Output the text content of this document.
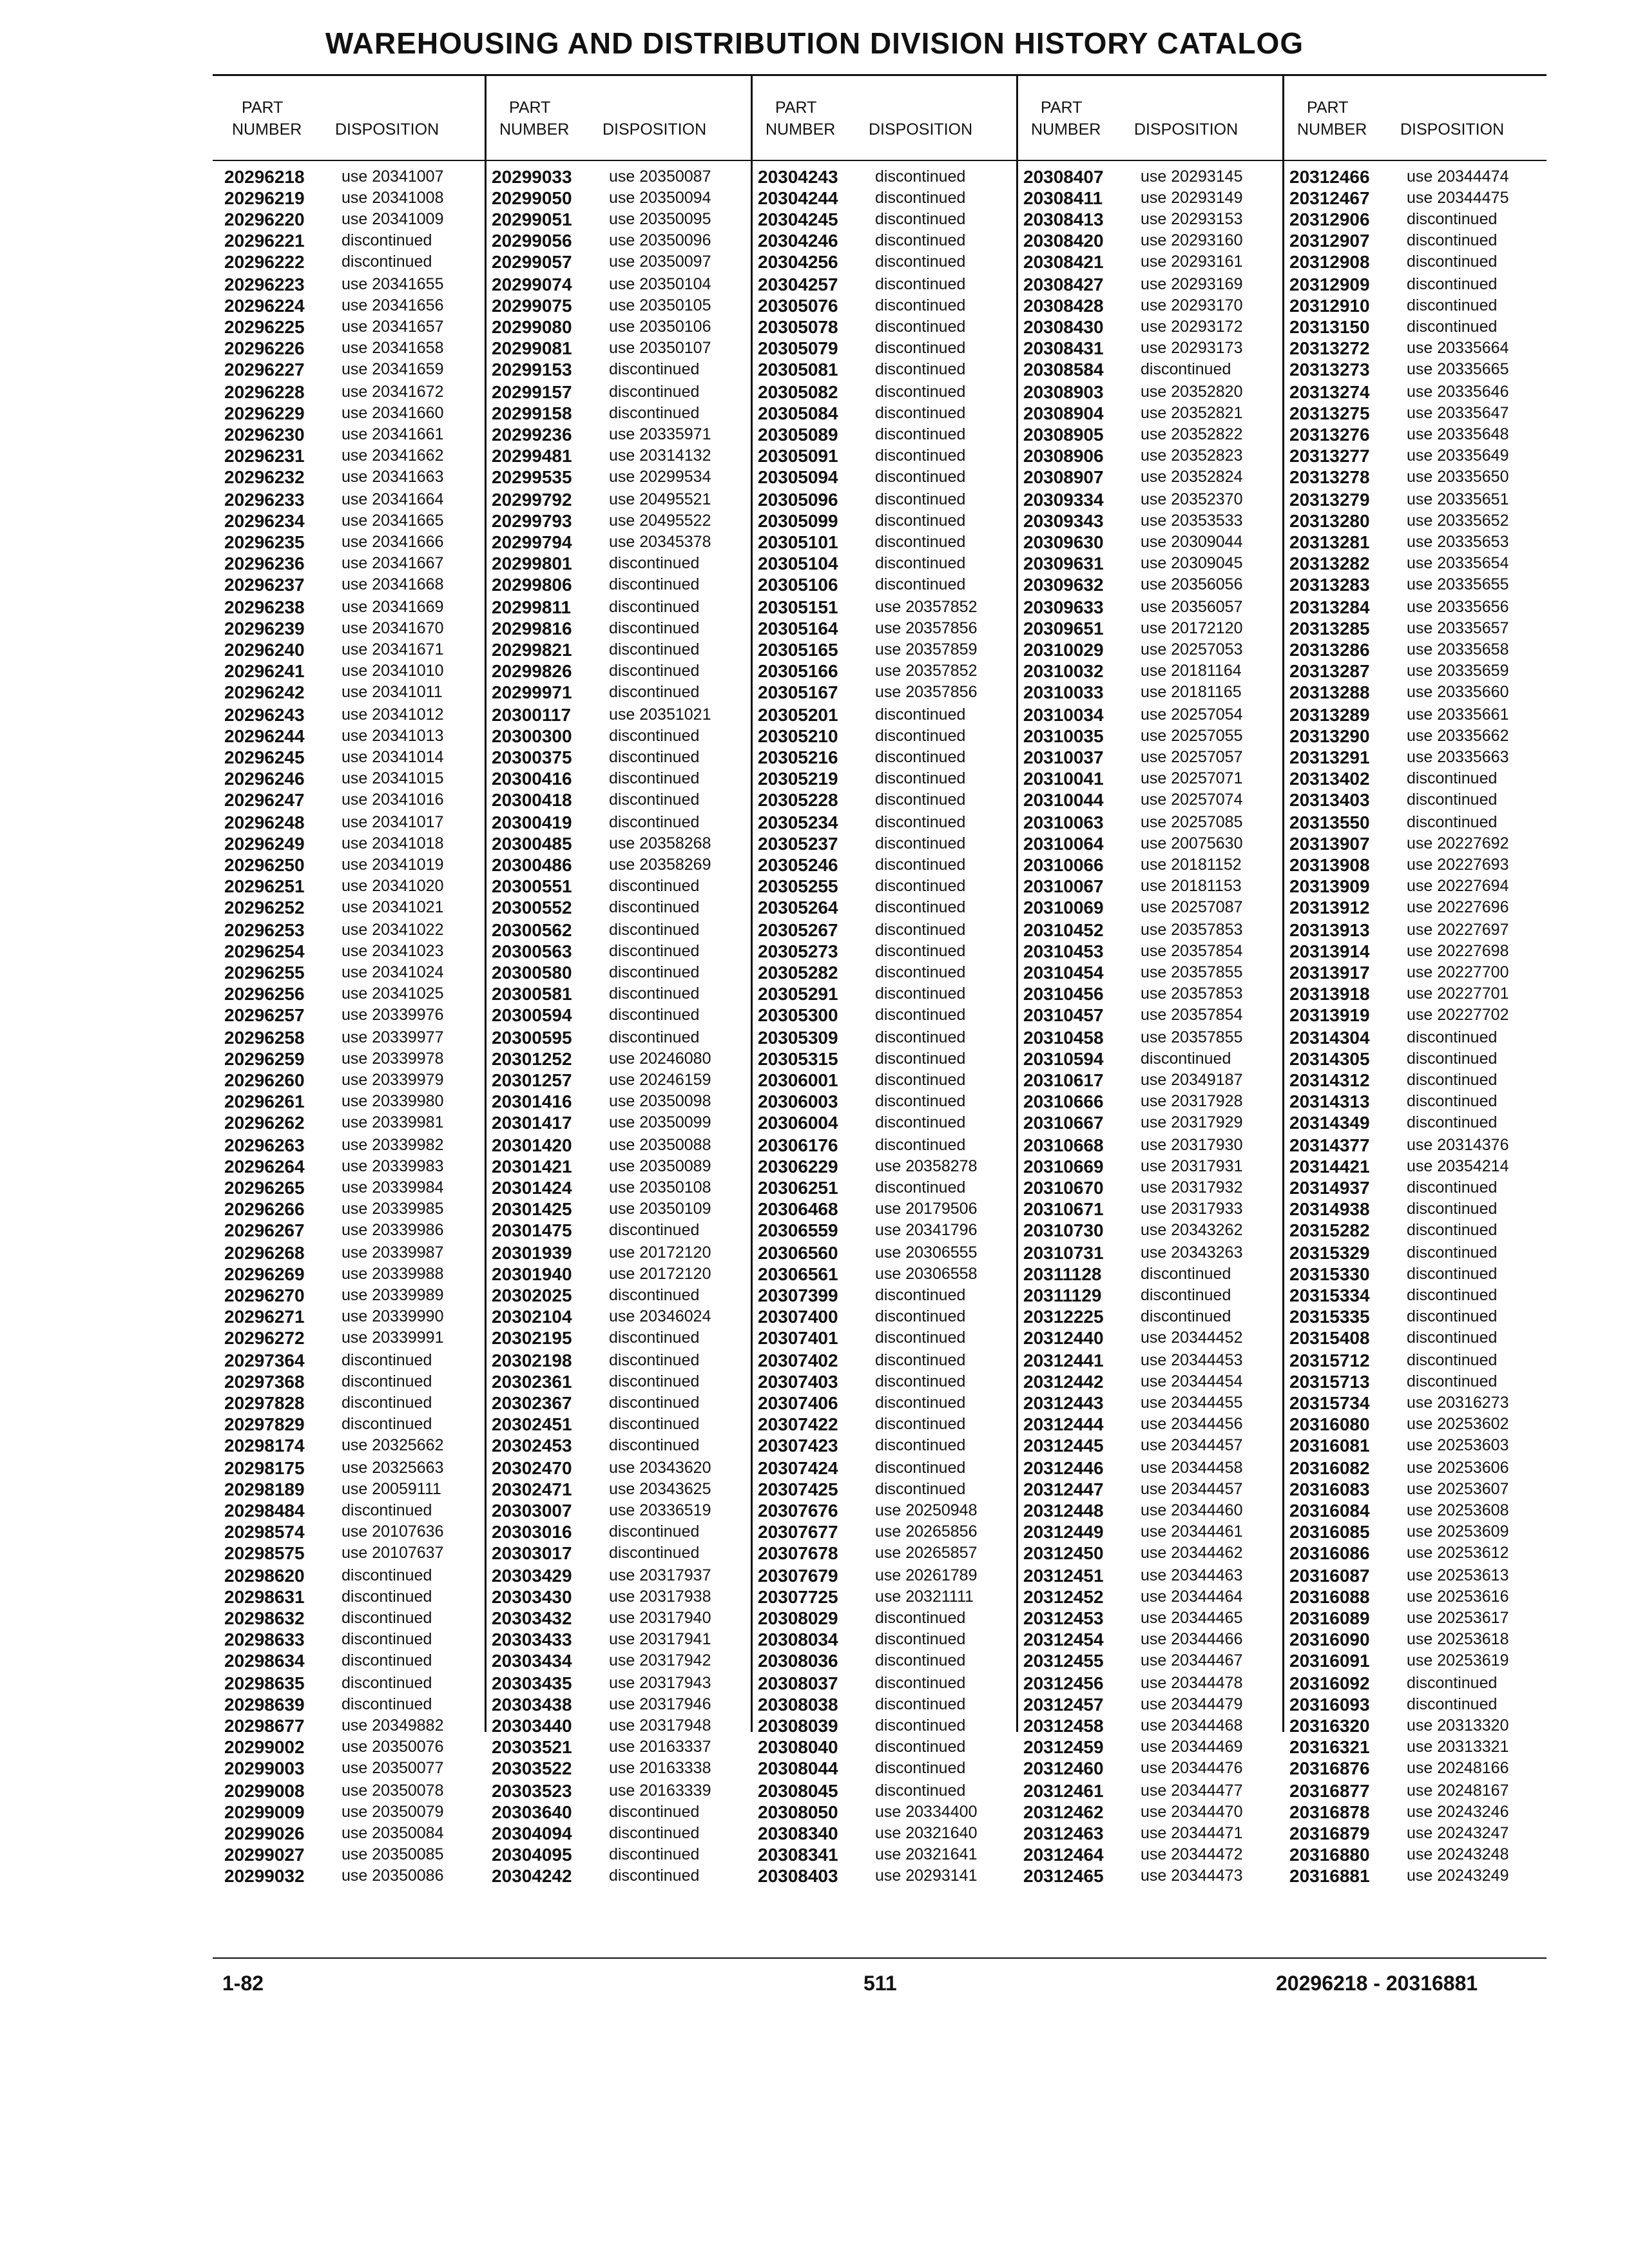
WAREHOUSING AND DISTRIBUTION DIVISION HISTORY CATALOG
PART
NUMBER DISPOSITION
20296218 use 20341007
20296219 use 20341008
20296220 use 20341009
20296221 discontinued
20296222 discontinued
20296223 use 20341655
20296224 use 20341656
20296225 use 20341657
20296226 use 20341658
20296227 use 20341659
20296228 use 20341672
20296229 use 20341660
20296230 use 20341661
20296231 use 20341662
20296232 use 20341663
20296233 use 20341664
20296234 use 20341665
20296235 use 20341666
20296236 use 20341667
20296237 use 20341668
20296238 use 20341669
20296239 use 20341670
20296240 use 20341671
20296241 use 20341010
20296242 use 20341011
20296243 use 20341012
20296244 use 20341013
20296245 use 20341014
20296246 use 20341015
20296247 use 20341016
20296248 use 20341017
20296249 use 20341018
20296250 use 20341019
20296251 use 20341020
20296252 use 20341021
20296253 use 20341022
20296254 use 20341023
20296255 use 20341024
20296256 use 20341025
20296257 use 20339976
20296258 use 20339977
20296259 use 20339978
20296260 use 20339979
20296261 use 20339980
20296262 use 20339981
20296263 use 20339982
20296264 use 20339983
20296265 use 20339984
20296266 use 20339985
20296267 use 20339986
20296268 use 20339987
20296269 use 20339988
20296270 use 20339989
20296271 use 20339990
20296272 use 20339991
20297364 discontinued
20297368 discontinued
20297828 discontinued
20297829 discontinued
20298174 use 20325662
20298175 use 20325663
20298189 use 20059111
20298484 discontinued
20298574 use 20107636
20298575 use 20107637
20298620 discontinued
20298631 discontinued
20298632 discontinued
20298633 discontinued
20298634 discontinued
20298635 discontinued
20298639 discontinued
20298677 use 20349882
20299002 use 20350076
20299003 use 20350077
20299008 use 20350078
20299009 use 20350079
20299026 use 20350084
20299027 use 20350085
20299032 use 20350086
PART
NUMBER DISPOSITION
20299033 use 20350087
20299050 use 20350094
20299051 use 20350095
20299056 use 20350096
20299057 use 20350097
20299074 use 20350104
20299075 use 20350105
20299080 use 20350106
20299081 use 20350107
20299153 discontinued
20299157 discontinued
20299158 discontinued
20299236 use 20335971
20299481 use 20314132
20299535 use 20299534
20299792 use 20495521
20299793 use 20495522
20299794 use 20345378
20299801 discontinued
20299806 discontinued
20299811 discontinued
20299816 discontinued
20299821 discontinued
20299826 discontinued
20299971 discontinued
20300117 use 20351021
20300300 discontinued
20300375 discontinued
20300416 discontinued
20300418 discontinued
20300419 discontinued
20300485 use 20358268
20300486 use 20358269
20300551 discontinued
20300552 discontinued
20300562 discontinued
20300563 discontinued
20300580 discontinued
20300581 discontinued
20300594 discontinued
20300595 discontinued
20301252 use 20246080
20301257 use 20246159
20301416 use 20350098
20301417 use 20350099
20301420 use 20350088
20301421 use 20350089
20301424 use 20350108
20301425 use 20350109
20301475 discontinued
20301939 use 20172120
20301940 use 20172120
20302025 discontinued
20302104 use 20346024
20302195 discontinued
20302198 discontinued
20302361 discontinued
20302367 discontinued
20302451 discontinued
20302453 discontinued
20302470 use 20343620
20302471 use 20343625
20303007 use 20336519
20303016 discontinued
20303017 discontinued
20303429 use 20317937
20303430 use 20317938
20303432 use 20317940
20303433 use 20317941
20303434 use 20317942
20303435 use 20317943
20303438 use 20317946
20303440 use 20317948
20303521 use 20163337
20303522 use 20163338
20303523 use 20163339
20303640 discontinued
20304094 discontinued
20304095 discontinued
20304242 discontinued
PART
NUMBER DISPOSITION
20304243 discontinued
20304244 discontinued
20304245 discontinued
20304246 discontinued
20304256 discontinued
20304257 discontinued
20305076 discontinued
20305078 discontinued
20305079 discontinued
20305081 discontinued
20305082 discontinued
20305084 discontinued
20305089 discontinued
20305091 discontinued
20305094 discontinued
20305096 discontinued
20305099 discontinued
20305101 discontinued
20305104 discontinued
20305106 discontinued
20305151 use 20357852
20305164 use 20357856
20305165 use 20357859
20305166 use 20357852
20305167 use 20357856
20305201 discontinued
20305210 discontinued
20305216 discontinued
20305219 discontinued
20305228 discontinued
20305234 discontinued
20305237 discontinued
20305246 discontinued
20305255 discontinued
20305264 discontinued
20305267 discontinued
20305273 discontinued
20305282 discontinued
20305291 discontinued
20305300 discontinued
20305309 discontinued
20305315 discontinued
20306001 discontinued
20306003 discontinued
20306004 discontinued
20306176 discontinued
20306229 use 20358278
20306251 discontinued
20306468 use 20179506
20306559 use 20341796
20306560 use 20306555
20306561 use 20306558
20307399 discontinued
20307400 discontinued
20307401 discontinued
20307402 discontinued
20307403 discontinued
20307406 discontinued
20307422 discontinued
20307423 discontinued
20307424 discontinued
20307425 discontinued
20307676 use 20250948
20307677 use 20265856
20307678 use 20265857
20307679 use 20261789
20307725 use 20321111
20308029 discontinued
20308034 discontinued
20308036 discontinued
20308037 discontinued
20308038 discontinued
20308039 discontinued
20308040 discontinued
20308044 discontinued
20308045 discontinued
20308050 use 20334400
20308340 use 20321640
20308341 use 20321641
20308403 use 20293141
PART
NUMBER DISPOSITION
20308407 use 20293145
20308411 use 20293149
20308413 use 20293153
20308420 use 20293160
20308421 use 20293161
20308427 use 20293169
20308428 use 20293170
20308430 use 20293172
20308431 use 20293173
20308584 discontinued
20308903 use 20352820
20308904 use 20352821
20308905 use 20352822
20308906 use 20352823
20308907 use 20352824
20309334 use 20352370
20309343 use 20353533
20309630 use 20309044
20309631 use 20309045
20309632 use 20356056
20309633 use 20356057
20309651 use 20172120
20310029 use 20257053
20310032 use 20181164
20310033 use 20181165
20310034 use 20257054
20310035 use 20257055
20310037 use 20257057
20310041 use 20257071
20310044 use 20257074
20310063 use 20257085
20310064 use 20075630
20310066 use 20181152
20310067 use 20181153
20310069 use 20257087
20310452 use 20357853
20310453 use 20357854
20310454 use 20357855
20310456 use 20357853
20310457 use 20357854
20310458 use 20357855
20310594 discontinued
20310617 use 20349187
20310666 use 20317928
20310667 use 20317929
20310668 use 20317930
20310669 use 20317931
20310670 use 20317932
20310671 use 20317933
20310730 use 20343262
20310731 use 20343263
20311128 discontinued
20311129 discontinued
20312225 discontinued
20312440 use 20344452
20312441 use 20344453
20312442 use 20344454
20312443 use 20344455
20312444 use 20344456
20312445 use 20344457
20312446 use 20344458
20312447 use 20344457
20312448 use 20344460
20312449 use 20344461
20312450 use 20344462
20312451 use 20344463
20312452 use 20344464
20312453 use 20344465
20312454 use 20344466
20312455 use 20344467
20312456 use 20344478
20312457 use 20344479
20312458 use 20344468
20312459 use 20344469
20312460 use 20344476
20312461 use 20344477
20312462 use 20344470
20312463 use 20344471
20312464 use 20344472
20312465 use 20344473
PART
NUMBER DISPOSITION
20312466 use 20344474
20312467 use 20344475
20312906 discontinued
20312907 discontinued
20312908 discontinued
20312909 discontinued
20312910 discontinued
20313150 discontinued
20313272 use 20335664
20313273 use 20335665
20313274 use 20335646
20313275 use 20335647
20313276 use 20335648
20313277 use 20335649
20313278 use 20335650
20313279 use 20335651
20313280 use 20335652
20313281 use 20335653
20313282 use 20335654
20313283 use 20335655
20313284 use 20335656
20313285 use 20335657
20313286 use 20335658
20313287 use 20335659
20313288 use 20335660
20313289 use 20335661
20313290 use 20335662
20313291 use 20335663
20313402 discontinued
20313403 discontinued
20313550 discontinued
20313907 use 20227692
20313908 use 20227693
20313909 use 20227694
20313912 use 20227696
20313913 use 20227697
20313914 use 20227698
20313917 use 20227700
20313918 use 20227701
20313919 use 20227702
20314304 discontinued
20314305 discontinued
20314312 discontinued
20314313 discontinued
20314349 discontinued
20314377 use 20314376
20314421 use 20354214
20314937 discontinued
20314938 discontinued
20315282 discontinued
20315329 discontinued
20315330 discontinued
20315334 discontinued
20315335 discontinued
20315408 discontinued
20315712 discontinued
20315713 discontinued
20315734 use 20316273
20316080 use 20253602
20316081 use 20253603
20316082 use 20253606
20316083 use 20253607
20316084 use 20253608
20316085 use 20253609
20316086 use 20253612
20316087 use 20253613
20316088 use 20253616
20316089 use 20253617
20316090 use 20253618
20316091 use 20253619
20316092 discontinued
20316093 discontinued
20316320 use 20313320
20316321 use 20313321
20316876 use 20248166
20316877 use 20248167
20316878 use 20243246
20316879 use 20243247
20316880 use 20243248
20316881 use 20243249
1-82	511	20296218 - 20316881
